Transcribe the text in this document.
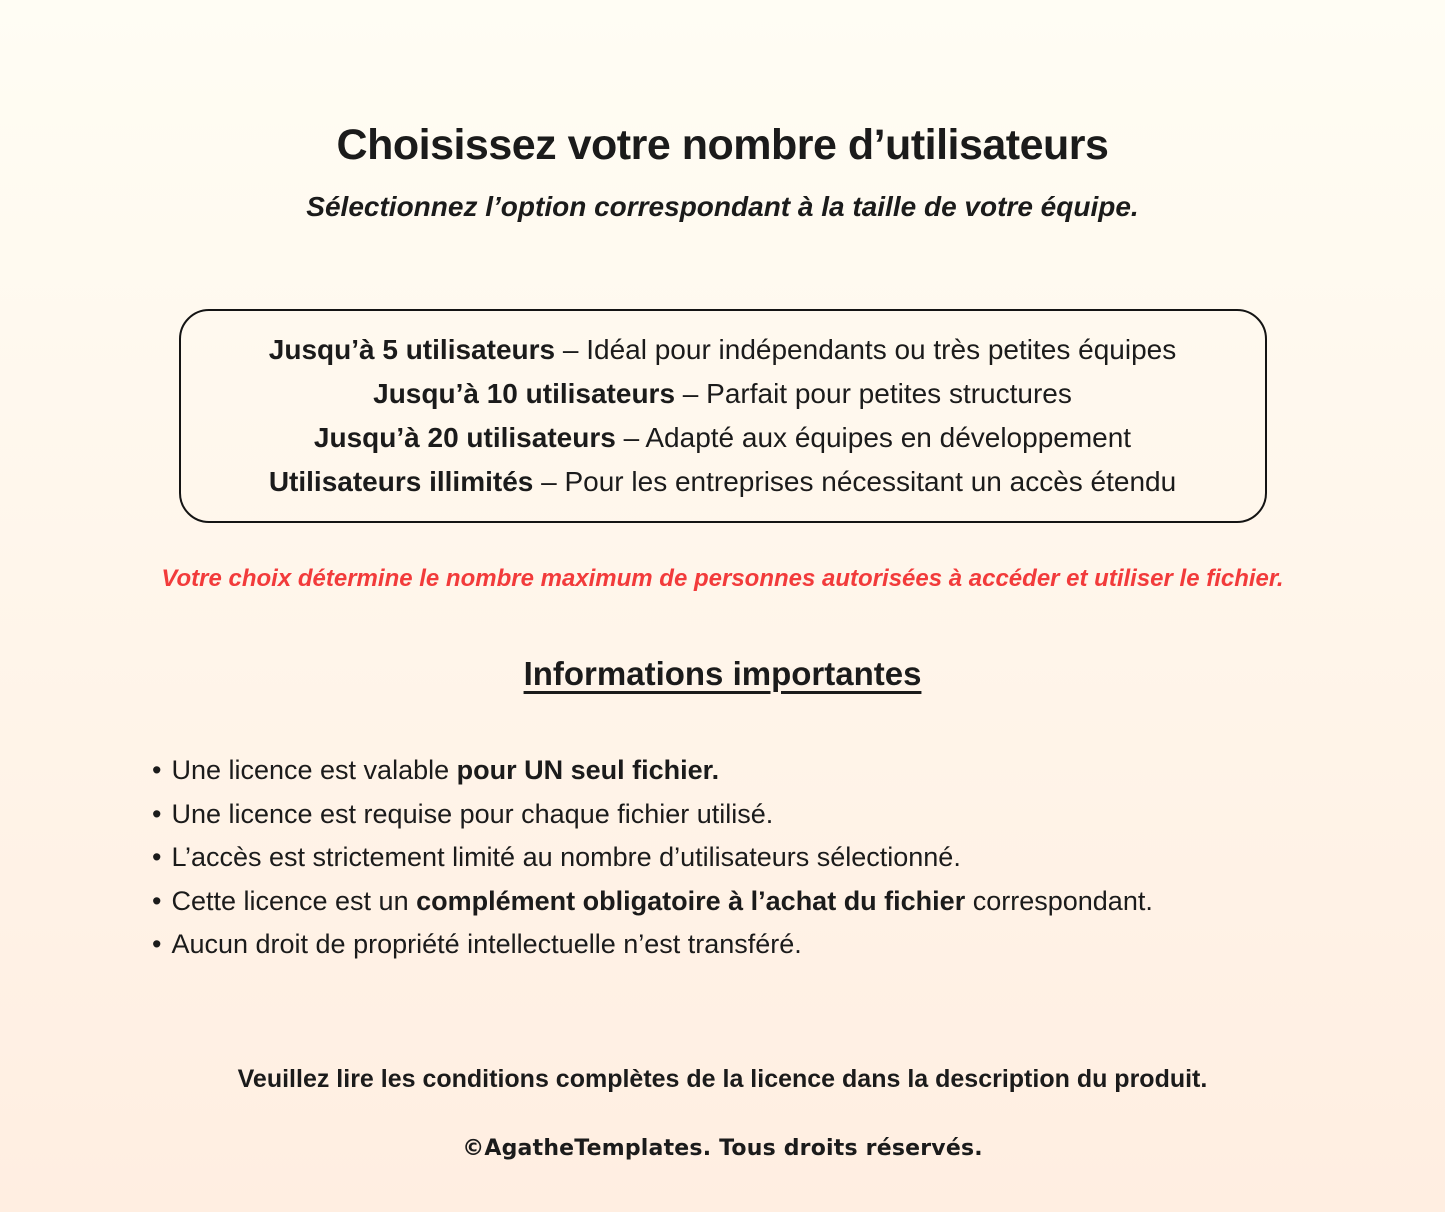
Choisissez votre nombre d’utilisateurs

Sélectionnez l’option correspondant à la taille de votre équipe.

Jusqu’à 5 utilisateurs – Idéal pour indépendants ou très petites équipes
Jusqu’à 10 utilisateurs – Parfait pour petites structures
Jusqu’à 20 utilisateurs – Adapté aux équipes en développement
Utilisateurs illimités – Pour les entreprises nécessitant un accès étendu

Votre choix détermine le nombre maximum de personnes autorisées à accéder et utiliser le fichier.

Informations importantes
• Une licence est valable pour UN seul fichier.
• Une licence est requise pour chaque fichier utilisé.
• L’accès est strictement limité au nombre d’utilisateurs sélectionné.
• Cette licence est un complément obligatoire à l’achat du fichier correspondant.
• Aucun droit de propriété intellectuelle n’est transféré.

Veuillez lire les conditions complètes de la licence dans la description du produit.

©AgatheTemplates. Tous droits réservés.
